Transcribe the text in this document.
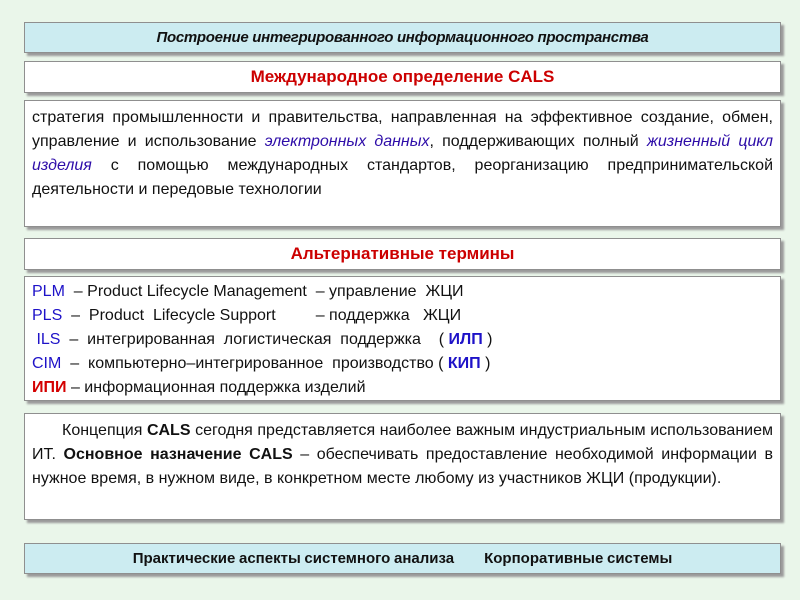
Построение интегрированного информационного пространства
Международное определение CALS
стратегия промышленности и правительства, направленная на эффективное создание, обмен, управление и использование электронных данных, поддерживающих полный жизненный цикл изделия с помощью международных стандартов, реорганизацию предпринимательской деятельности и передовые технологии
Альтернативные термины
PLM  – Product Lifecycle Management  – управление  ЖЦИ
PLS  –  Product  Lifecycle Support         – поддержка   ЖЦИ
ILS  –  интегрированная  логистическая  поддержка    ( ИЛП )
CIM  –  компьютерно–интегрированное  производство ( КИП )
ИПИ – информационная поддержка изделий
Концепция CALS сегодня представляется наиболее важным индустриальным использованием ИТ. Основное назначение CALS – обеспечивать предоставление необходимой информации в нужное время, в нужном виде, в конкретном месте любому из участников ЖЦИ (продукции).
Практические аспекты системного анализа Корпоративные системы
